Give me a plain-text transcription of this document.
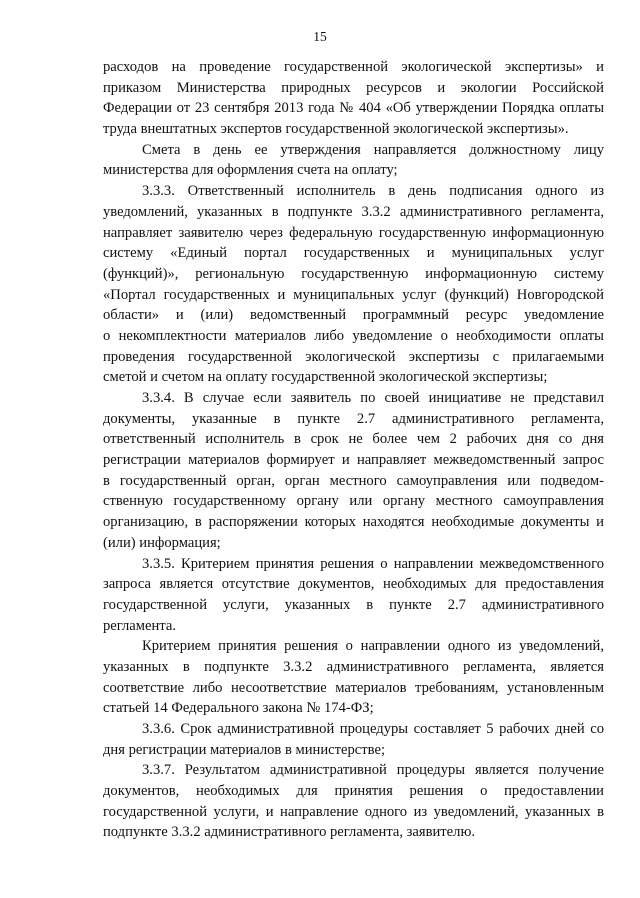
15

расходов на проведение государственной экологической экспертизы» и

приказом Министерства природных ресурсов и экологии Российской

Федерации от 23 сентября 2013 года № 404 «Об утверждении Порядка оплаты

труда внештатных экспертов государственной экологической экспертизы».

Смета в день ее утверждения направляется должностному лицу

министерства для оформления счета на оплату;

3.3.3. Ответственный исполнитель в день подписания одного из

уведомлений, указанных в подпункте 3.3.2 административного регламента,

направляет заявителю через федеральную государственную информационную

систему «Единый портал государственных и муниципальных услуг

(функций)», региональную государственную информационную систему

«Портал государственных и муниципальных услуг (функций) Новгородской

области» и (или) ведомственный программный ресурс уведомление

о некомплектности материалов либо уведомление о необходимости оплаты

проведения государственной экологической экспертизы с прилагаемыми

сметой и счетом на оплату государственной экологической экспертизы;

3.3.4. В случае если заявитель по своей инициативе не представил

документы, указанные в пункте 2.7 административного регламента,

ответственный исполнитель в срок не более чем 2 рабочих дня со дня

регистрации материалов формирует и направляет межведомственный запрос

в государственный орган, орган местного самоуправления или подведом-

ственную государственному органу или органу местного самоуправления

организацию, в распоряжении которых находятся необходимые документы и

(или) информация;

3.3.5. Критерием принятия решения о направлении межведомственного

запроса является отсутствие документов, необходимых для предоставления

государственной услуги, указанных в пункте 2.7 административного

регламента.

Критерием принятия решения о направлении одного из уведомлений,

указанных в подпункте 3.3.2 административного регламента, является

соответствие либо несоответствие материалов требованиям, установленным

статьей 14 Федерального закона № 174-ФЗ;

3.3.6. Срок административной процедуры составляет 5 рабочих дней со

дня регистрации материалов в министерстве;

3.3.7. Результатом административной процедуры является получение

документов, необходимых для принятия решения о предоставлении

государственной услуги, и направление одного из уведомлений, указанных в

подпункте 3.3.2 административного регламента, заявителю.
